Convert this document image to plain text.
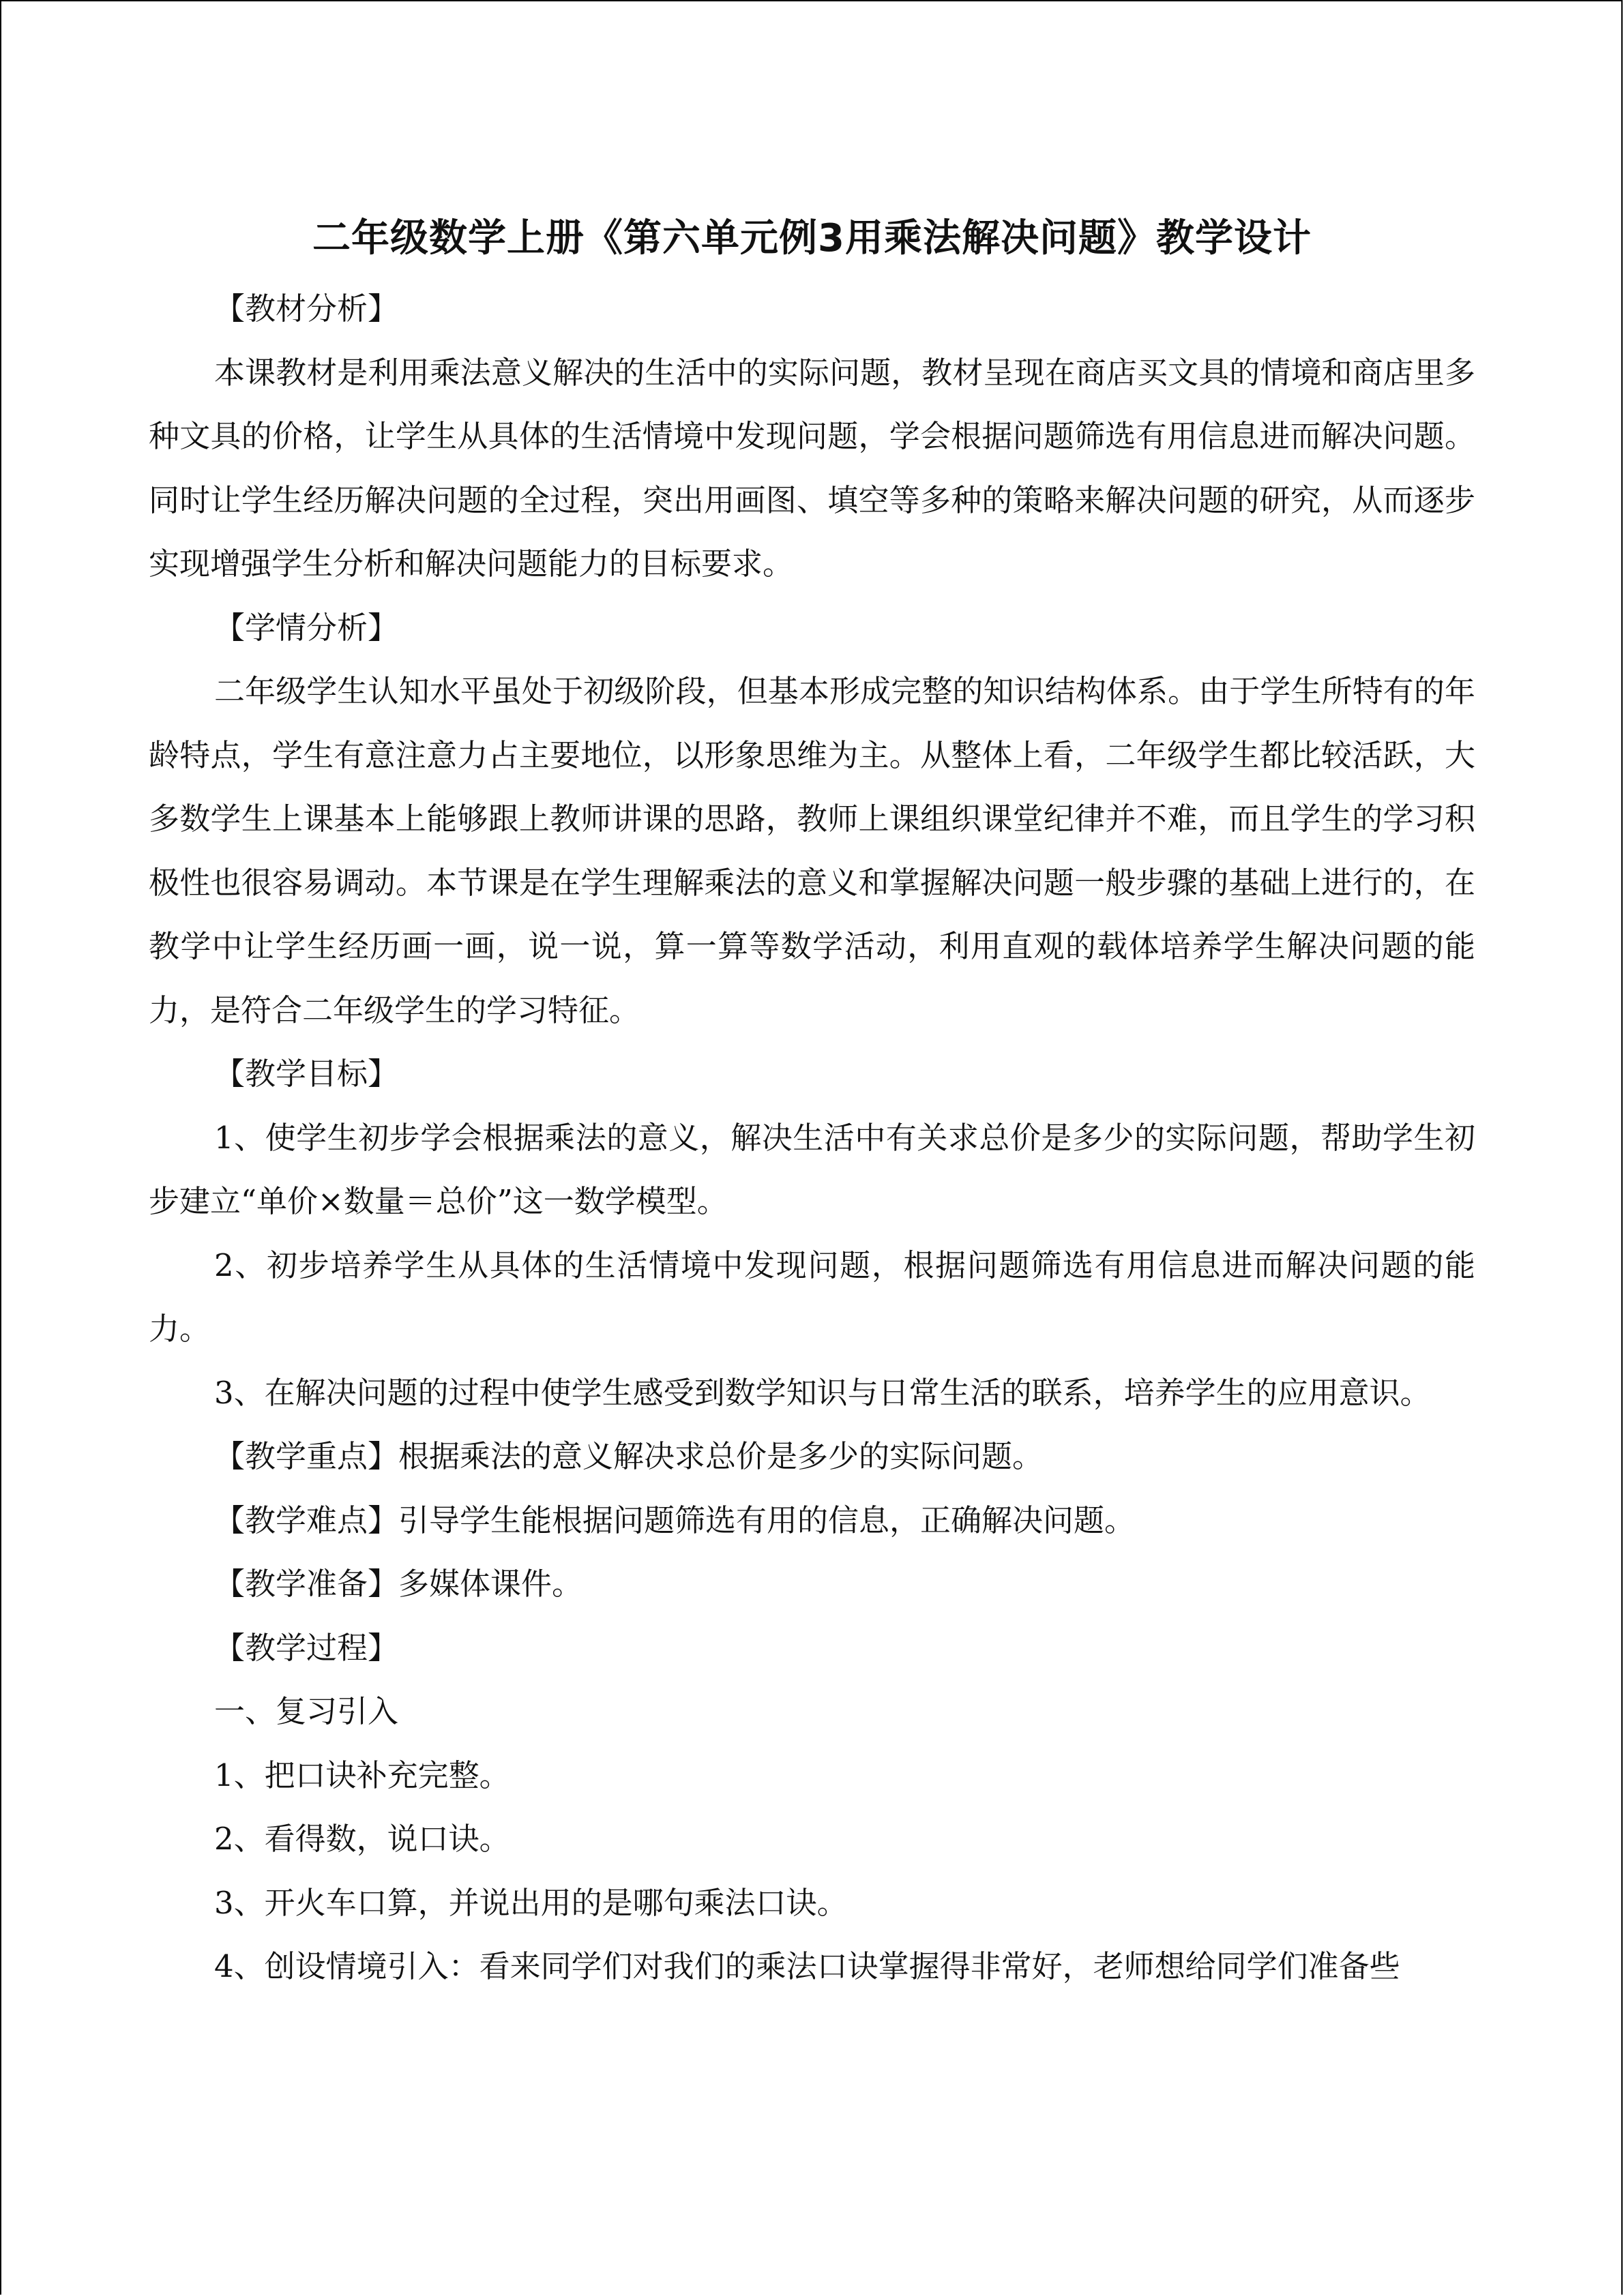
二年级数学上册《第六单元例3用乘法解决问题》教学设计

【教材分析】

本课教材是利用乘法意义解决的生活中的实际问题，教材呈现在商店买文具的情境和商店里多种文具的价格，让学生从具体的生活情境中发现问题，学会根据问题筛选有用信息进而解决问题。同时让学生经历解决问题的全过程，突出用画图、填空等多种的策略来解决问题的研究，从而逐步实现增强学生分析和解决问题能力的目标要求。

【学情分析】

二年级学生认知水平虽处于初级阶段，但基本形成完整的知识结构体系。由于学生所特有的年龄特点，学生有意注意力占主要地位，以形象思维为主。从整体上看，二年级学生都比较活跃，大多数学生上课基本上能够跟上教师讲课的思路，教师上课组织课堂纪律并不难，而且学生的学习积极性也很容易调动。本节课是在学生理解乘法的意义和掌握解决问题一般步骤的基础上进行的，在教学中让学生经历画一画，说一说，算一算等数学活动，利用直观的载体培养学生解决问题的能力，是符合二年级学生的学习特征。

【教学目标】

1、使学生初步学会根据乘法的意义，解决生活中有关求总价是多少的实际问题，帮助学生初步建立“单价×数量＝总价”这一数学模型。

2、初步培养学生从具体的生活情境中发现问题，根据问题筛选有用信息进而解决问题的能力。

3、在解决问题的过程中使学生感受到数学知识与日常生活的联系，培养学生的应用意识。

【教学重点】根据乘法的意义解决求总价是多少的实际问题。

【教学难点】引导学生能根据问题筛选有用的信息，正确解决问题。

【教学准备】多媒体课件。

【教学过程】

一、复习引入

1、把口诀补充完整。

2、看得数，说口诀。

3、开火车口算，并说出用的是哪句乘法口诀。

4、创设情境引入：看来同学们对我们的乘法口诀掌握得非常好，老师想给同学们准备些
